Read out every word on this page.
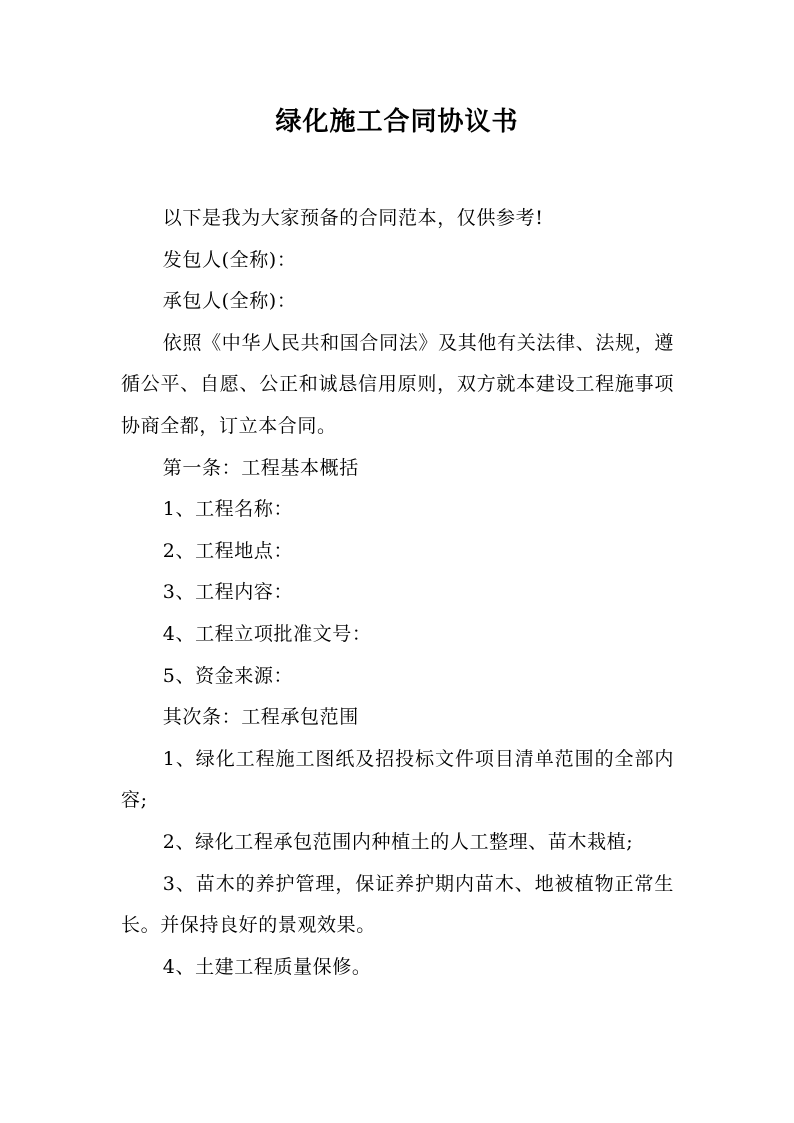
绿化施工合同协议书

以下是我为大家预备的合同范本，仅供参考!

发包人(全称)：

承包人(全称)：

依照《中华人民共和国合同法》及其他有关法律、法规，遵循公平、自愿、公正和诚恳信用原则，双方就本建设工程施事项协商全都，订立本合同。

第一条：工程基本概括

1、工程名称：

2、工程地点：

3、工程内容：

4、工程立项批准文号：

5、资金来源：

其次条：工程承包范围

1、绿化工程施工图纸及招投标文件项目清单范围的全部内容;

2、绿化工程承包范围内种植土的人工整理、苗木栽植;

3、苗木的养护管理，保证养护期内苗木、地被植物正常生长。并保持良好的景观效果。

4、土建工程质量保修。
